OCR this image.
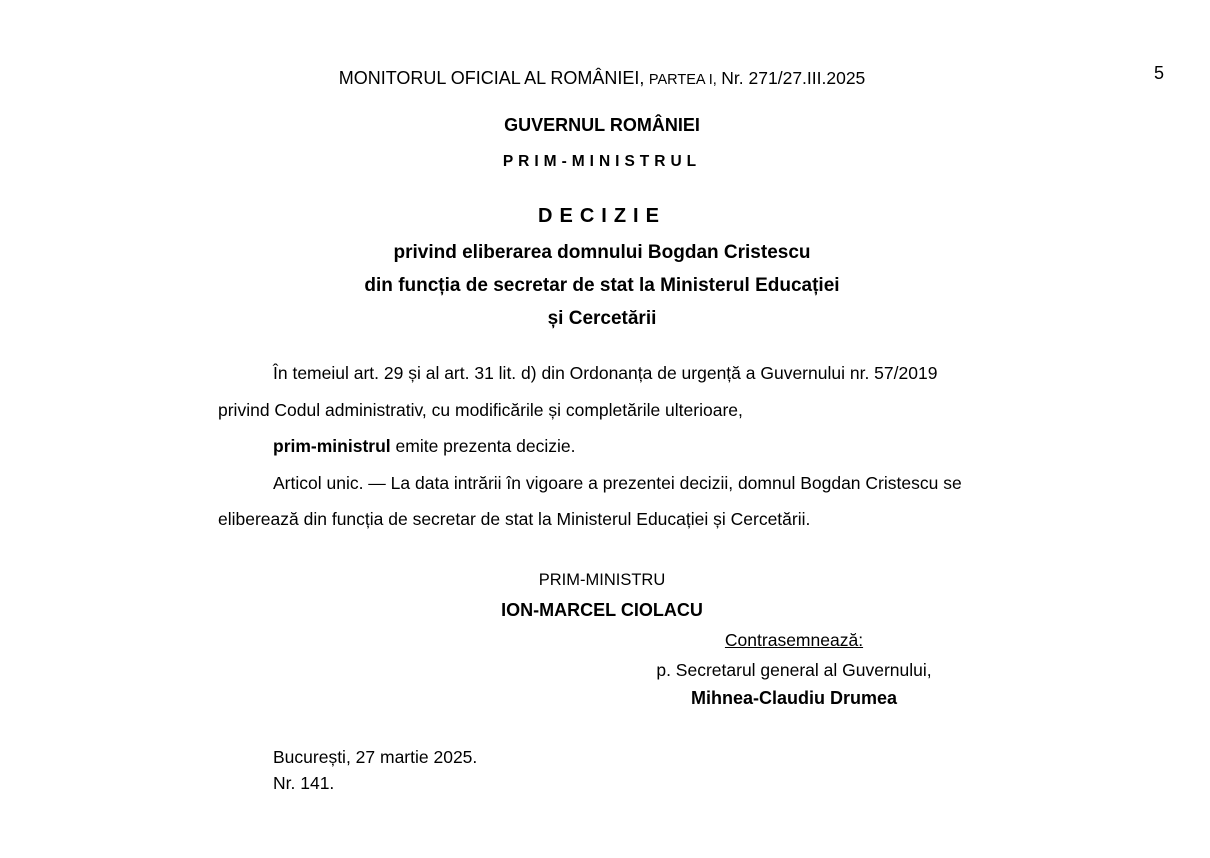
5
MONITORUL OFICIAL AL ROMÂNIEI, PARTEA I, Nr. 271/27.III.2025
GUVERNUL ROMÂNIEI
PRIM-MINISTRUL
DECIZIE
privind eliberarea domnului Bogdan Cristescu
din funcția de secretar de stat la Ministerul Educației
și Cercetării

În temeiul art. 29 și al art. 31 lit. d) din Ordonanța de urgență a Guvernului nr. 57/2019 privind Codul administrativ, cu modificările și completările ulterioare,

prim-ministrul emite prezenta decizie.

Articol unic. — La data intrării în vigoare a prezentei decizii, domnul Bogdan Cristescu se eliberează din funcția de secretar de stat la Ministerul Educației și Cercetării.

PRIM-MINISTRU
ION-MARCEL CIOLACU
Contrasemnează:
p. Secretarul general al Guvernului,
Mihnea-Claudiu Drumea

București, 27 martie 2025.

Nr. 141.
